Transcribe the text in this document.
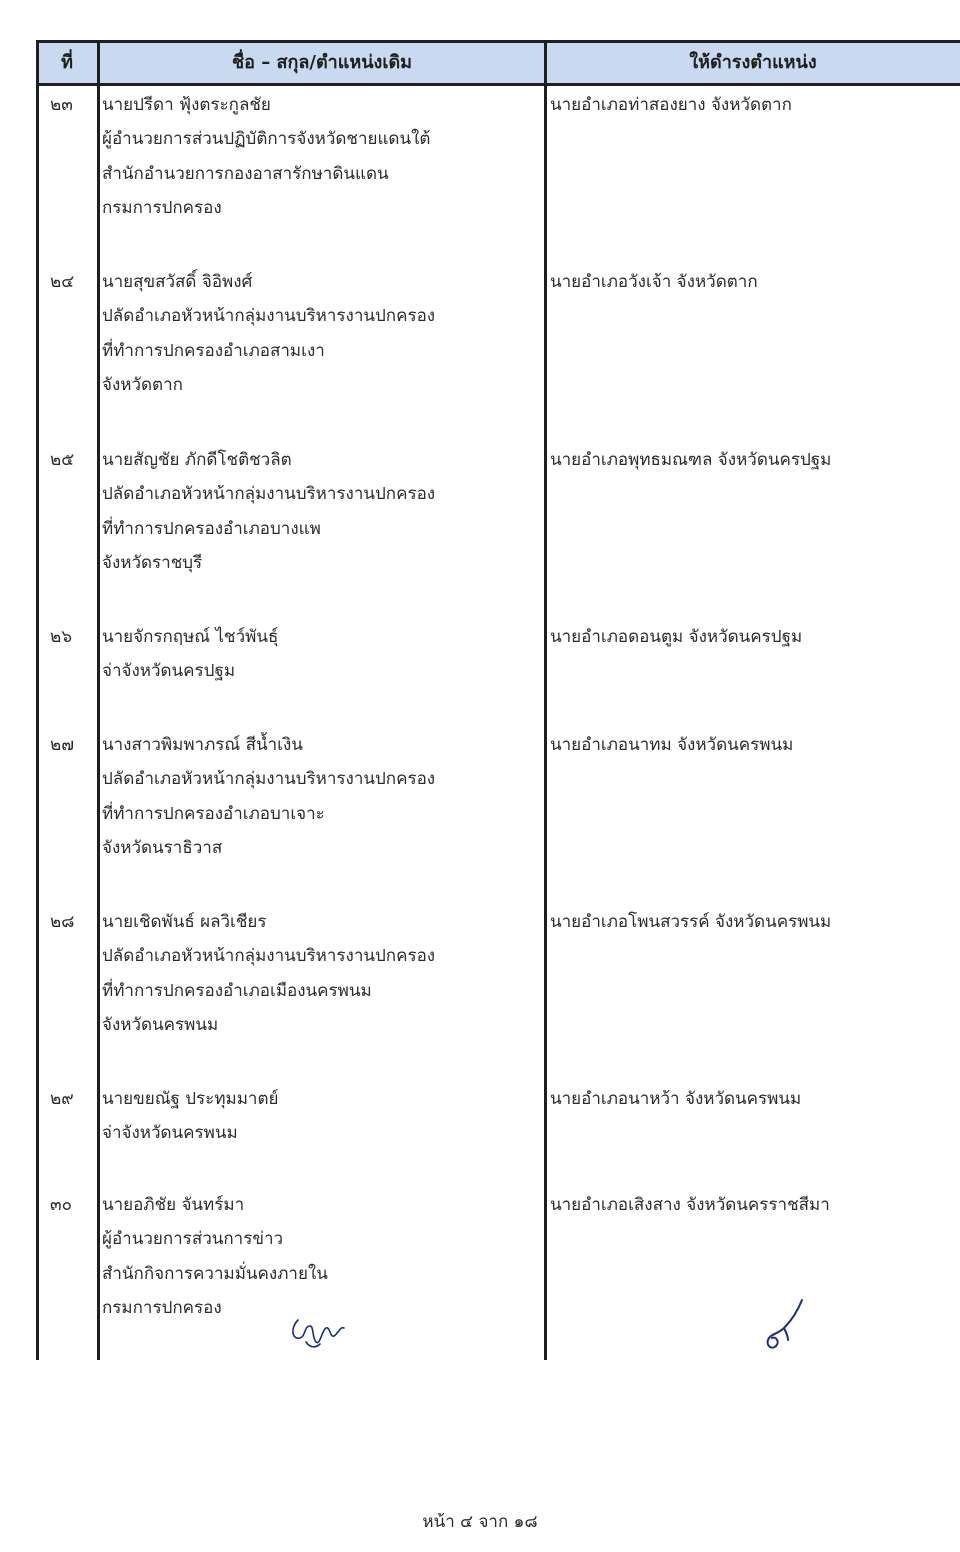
ที่	ชื่อ – สกุล/ตำแหน่งเดิม	ให้ดำรงตำแหน่ง
๒๓ นายปรีดา ฟุ้งตระกูลชัย
ผู้อำนวยการส่วนปฏิบัติการจังหวัดชายแดนใต้
สำนักอำนวยการกองอาสารักษาดินแดน
กรมการปกครอง
นายอำเภอท่าสองยาง จังหวัดตาก
๒๔ นายสุขสวัสดิ์ จิอิพงศ์
ปลัดอำเภอหัวหน้ากลุ่มงานบริหารงานปกครอง
ที่ทำการปกครองอำเภอสามเงา
จังหวัดตาก
นายอำเภอวังเจ้า จังหวัดตาก
๒๕ นายสัญชัย ภักดีโชติชวลิต
ปลัดอำเภอหัวหน้ากลุ่มงานบริหารงานปกครอง
ที่ทำการปกครองอำเภอบางแพ
จังหวัดราชบุรี
นายอำเภอพุทธมณฑล จังหวัดนครปฐม
๒๖ นายจักรกฤษณ์ ไชว์พันธุ์
จ่าจังหวัดนครปฐม
นายอำเภอดอนตูม จังหวัดนครปฐม
๒๗ นางสาวพิมพาภรณ์ สีน้ำเงิน
ปลัดอำเภอหัวหน้ากลุ่มงานบริหารงานปกครอง
ที่ทำการปกครองอำเภอบาเจาะ
จังหวัดนราธิวาส
นายอำเภอนาทม จังหวัดนครพนม
๒๘ นายเชิดพันธ์ ผลวิเชียร
ปลัดอำเภอหัวหน้ากลุ่มงานบริหารงานปกครอง
ที่ทำการปกครองอำเภอเมืองนครพนม
จังหวัดนครพนม
นายอำเภอโพนสวรรค์ จังหวัดนครพนม
๒๙ นายขยณัฐ ประทุมมาตย์
จ่าจังหวัดนครพนม
นายอำเภอนาหว้า จังหวัดนครพนม
๓๐ นายอภิชัย จันทร์มา
ผู้อำนวยการส่วนการข่าว
สำนักกิจการความมั่นคงภายใน
กรมการปกครอง
นายอำเภอเสิงสาง จังหวัดนครราชสีมา
หน้า ๔ จาก ๑๘
